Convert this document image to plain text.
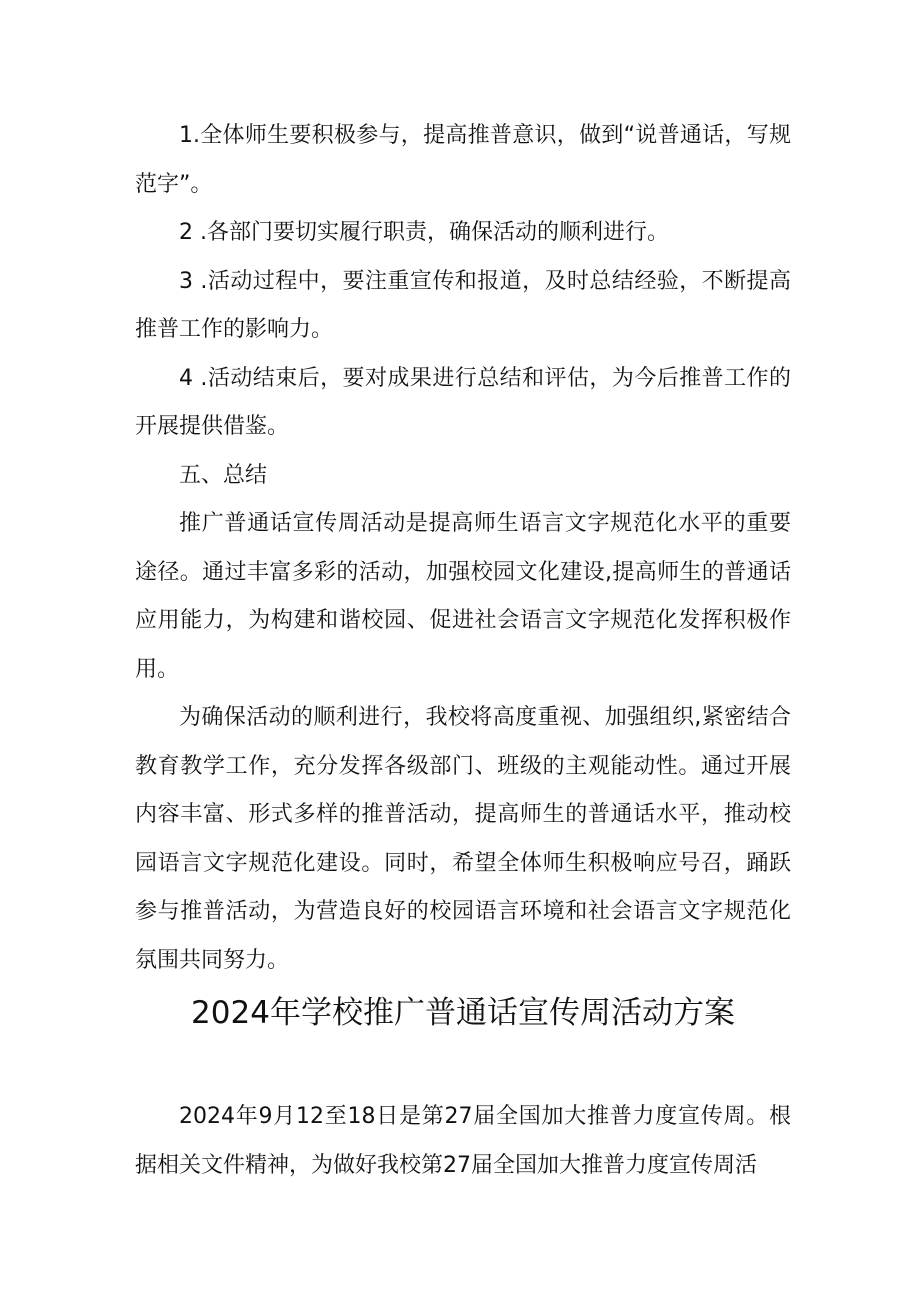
1.全体师生要积极参与，提高推普意识，做到“说普通话，写规范字”。

2 .各部门要切实履行职责，确保活动的顺利进行。

3 .活动过程中，要注重宣传和报道，及时总结经验，不断提高推普工作的影响力。

4 .活动结束后，要对成果进行总结和评估，为今后推普工作的开展提供借鉴。

五、总结

推广普通话宣传周活动是提高师生语言文字规范化水平的重要途径。通过丰富多彩的活动，加强校园文化建设,提高师生的普通话应用能力，为构建和谐校园、促进社会语言文字规范化发挥积极作用。

为确保活动的顺利进行，我校将高度重视、加强组织,紧密结合教育教学工作，充分发挥各级部门、班级的主观能动性。通过开展内容丰富、形式多样的推普活动，提高师生的普通话水平，推动校园语言文字规范化建设。同时，希望全体师生积极响应号召，踊跃参与推普活动，为营造良好的校园语言环境和社会语言文字规范化氛围共同努力。

2024年学校推广普通话宣传周活动方案

2024年9月12至18日是第27届全国加大推普力度宣传周。根据相关文件精神，为做好我校第27届全国加大推普力度宣传周活
